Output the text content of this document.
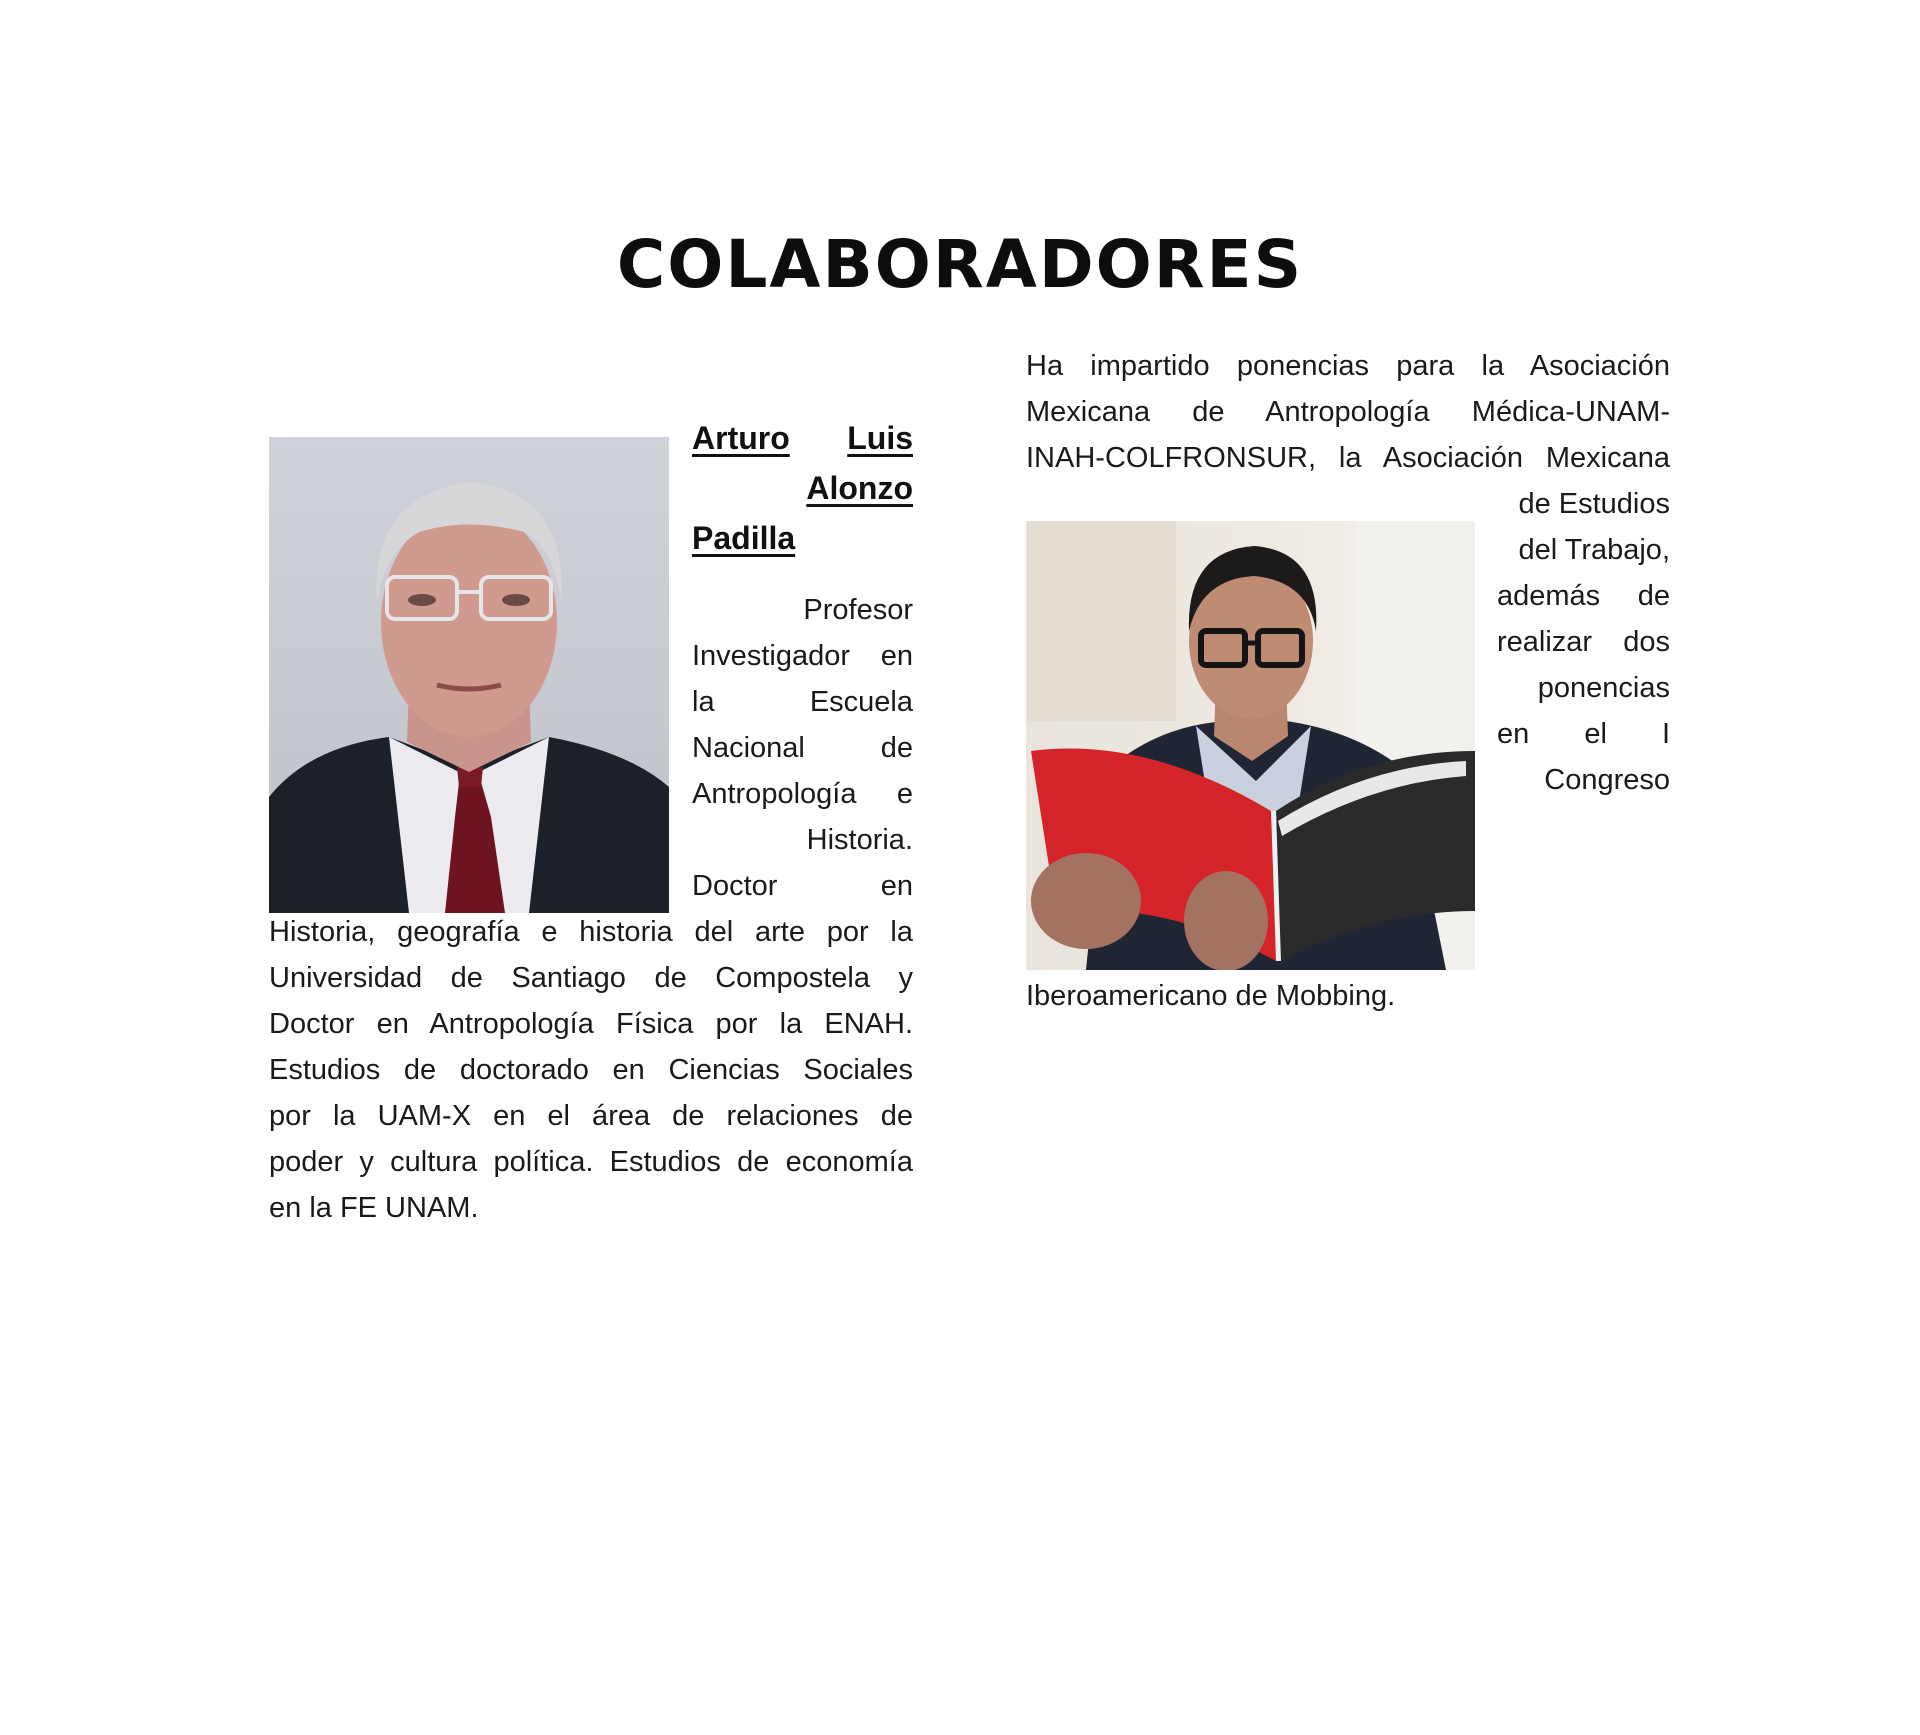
COLABORADORES
Arturo Luis
Alonzo
Padilla
Profesor
Investigador en
la	Escuela
Nacional	de
Antropología e
Historia.
Doctor	en
Historia, geografía e historia del arte por la
Universidad de Santiago de Compostela y
Doctor en Antropología Física por la ENAH.
Estudios de doctorado en Ciencias Sociales
por la UAM-X en el área de relaciones de
poder y cultura política. Estudios de economía
en la FE UNAM.
Ha impartido ponencias para la Asociación
Mexicana de Antropología Médica-UNAM-
INAH-COLFRONSUR, la Asociación Mexicana
de Estudios
del Trabajo,
además de
realizar dos
ponencias
en el I
Congreso
Iberoamericano de Mobbing.
